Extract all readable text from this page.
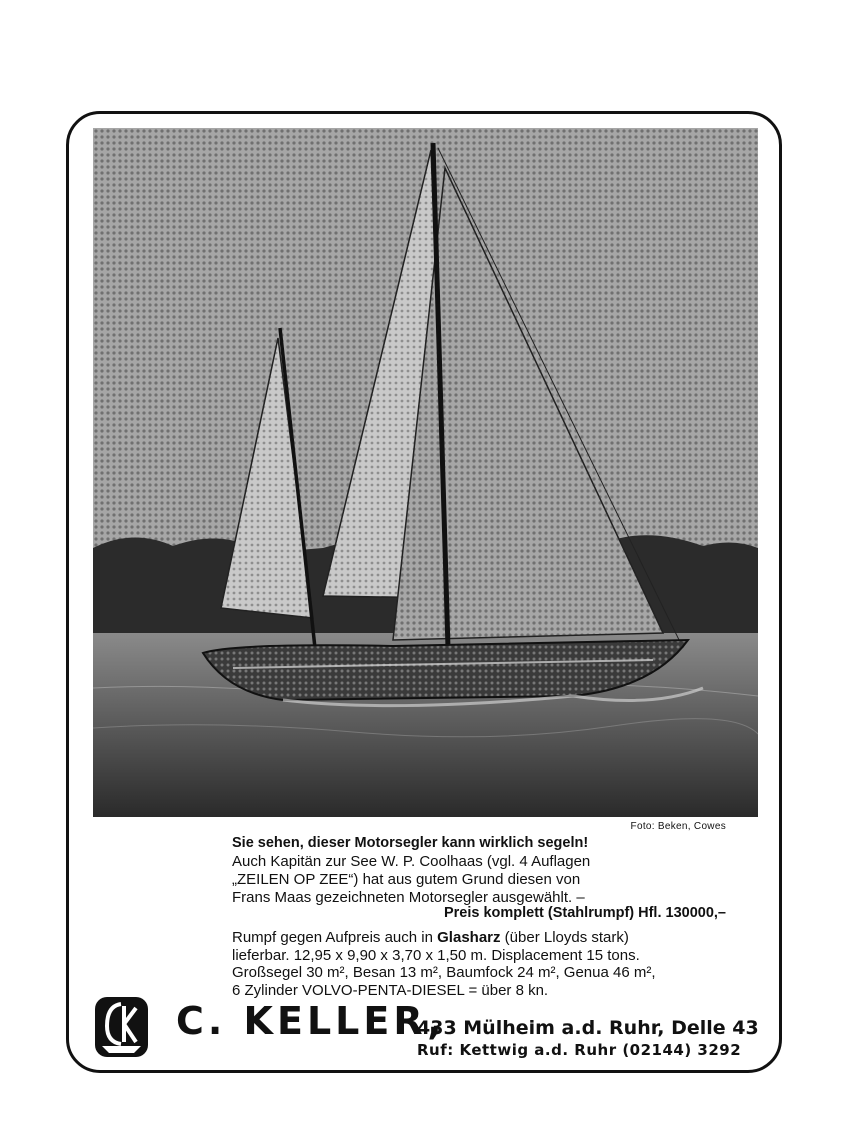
Foto: Beken, Cowes
Sie sehen, dieser Motorsegler kann wirklich segeln!
Auch Kapitän zur See W. P. Coolhaas (vgl. 4 Auflagen
„ZEILEN OP ZEE“) hat aus gutem Grund diesen von
Frans Maas gezeichneten Motorsegler ausgewählt. –
Preis komplett (Stahlrumpf) Hfl. 130000,–
Rumpf gegen Aufpreis auch in Glasharz (über Lloyds stark)
lieferbar. 12,95 x 9,90 x 3,70 x 1,50 m. Displacement 15 tons.
Großsegel 30 m², Besan 13 m², Baumfock 24 m², Genua 46 m²,
6 Zylinder VOLVO-PENTA-DIESEL = über 8 kn.
C. KELLER,
433 Mülheim a.d. Ruhr, Delle 43
Ruf: Kettwig a.d. Ruhr (02144) 3292
